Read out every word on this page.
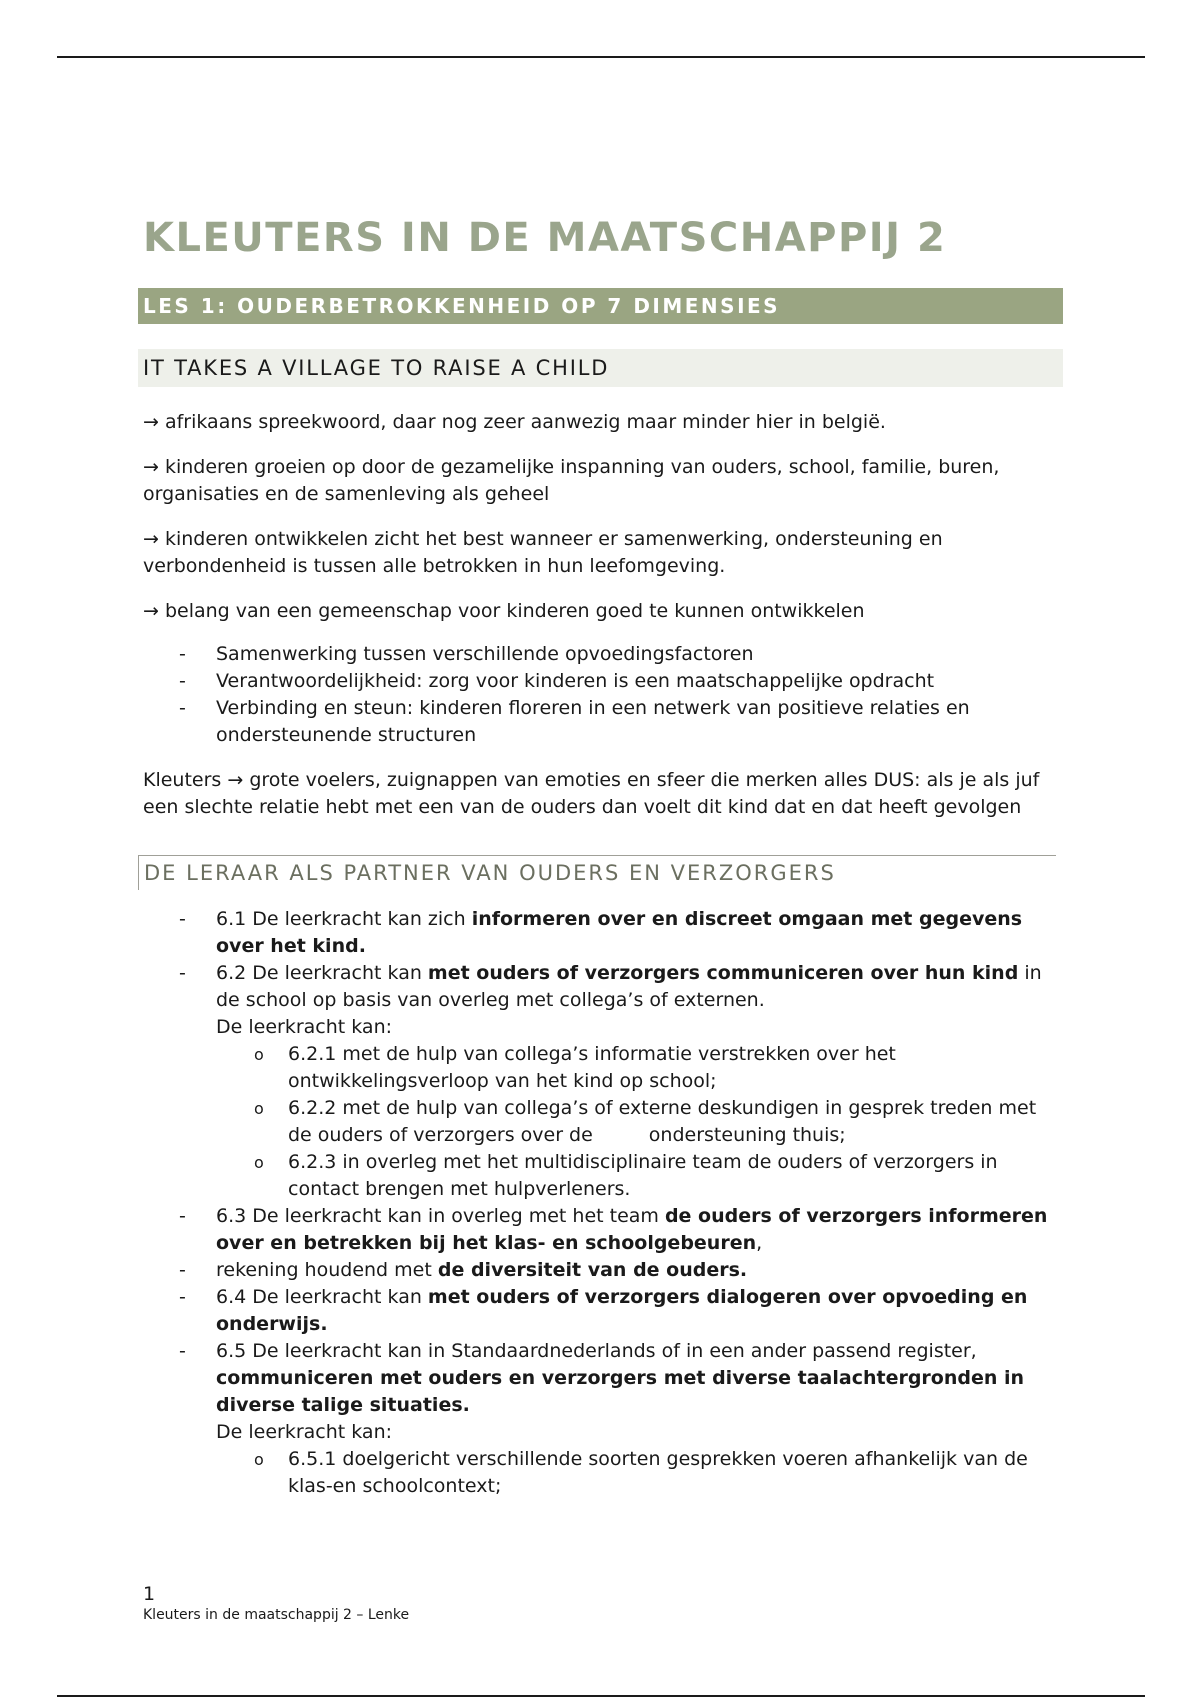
KLEUTERS IN DE MAATSCHAPPIJ 2
LES 1: OUDERBETROKKENHEID OP 7 DIMENSIES
IT TAKES A VILLAGE TO RAISE A CHILD

→ afrikaans spreekwoord, daar nog zeer aanwezig maar minder hier in belgië.

→ kinderen groeien op door de gezamelijke inspanning van ouders, school, familie, buren, organisaties en de samenleving als geheel

→ kinderen ontwikkelen zicht het best wanneer er samenwerking, ondersteuning en verbondenheid is tussen alle betrokken in hun leefomgeving.

→ belang van een gemeenschap voor kinderen goed te kunnen ontwikkelen

- Samenwerking tussen verschillende opvoedingsfactoren
- Verantwoordelijkheid: zorg voor kinderen is een maatschappelijke opdracht
- Verbinding en steun: kinderen floreren in een netwerk van positieve relaties en ondersteunende structuren

Kleuters → grote voelers, zuignappen van emoties en sfeer die merken alles DUS: als je als juf een slechte relatie hebt met een van de ouders dan voelt dit kind dat en dat heeft gevolgen

DE LERAAR ALS PARTNER VAN OUDERS EN VERZORGERS
- 6.1 De leerkracht kan zich informeren over en discreet omgaan met gegevens over het kind.
- 6.2 De leerkracht kan met ouders of verzorgers communiceren over hun kind in de school op basis van overleg met collega’s of externen.
De leerkracht kan:
o 6.2.1 met de hulp van collega’s informatie verstrekken over het ontwikkelingsverloop van het kind op school;
o 6.2.2 met de hulp van collega’s of externe deskundigen in gesprek treden met de ouders of verzorgers over de	ondersteuning thuis;
o 6.2.3 in overleg met het multidisciplinaire team de ouders of verzorgers in contact brengen met hulpverleners.
- 6.3 De leerkracht kan in overleg met het team de ouders of verzorgers informeren over en betrekken bij het klas- en schoolgebeuren,
- rekening houdend met de diversiteit van de ouders.
- 6.4 De leerkracht kan met ouders of verzorgers dialogeren over opvoeding en onderwijs.
- 6.5 De leerkracht kan in Standaardnederlands of in een ander passend register, communiceren met ouders en verzorgers met diverse taalachtergronden in diverse talige situaties.
De leerkracht kan:
o 6.5.1 doelgericht verschillende soorten gesprekken voeren afhankelijk van de klas-en schoolcontext;
1
Kleuters in de maatschappij 2 – Lenke
